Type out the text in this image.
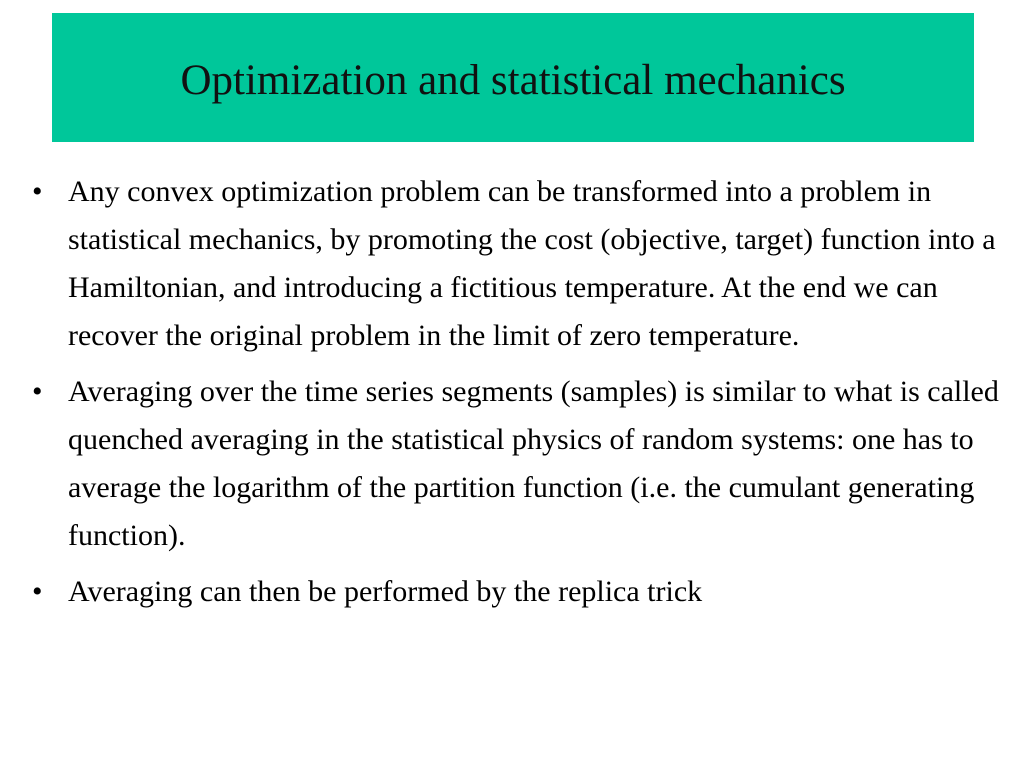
Optimization and statistical mechanics
• Any convex optimization problem can be transformed into a problem in statistical mechanics, by promoting the cost (objective, target) function into a Hamiltonian, and introducing a fictitious temperature. At the end we can recover the original problem in the limit of zero temperature.
• Averaging over the time series segments (samples) is similar to what is called quenched averaging in the statistical physics of random systems: one has to average the logarithm of the partition function (i.e. the cumulant generating function).
• Averaging can then be performed by the replica trick
